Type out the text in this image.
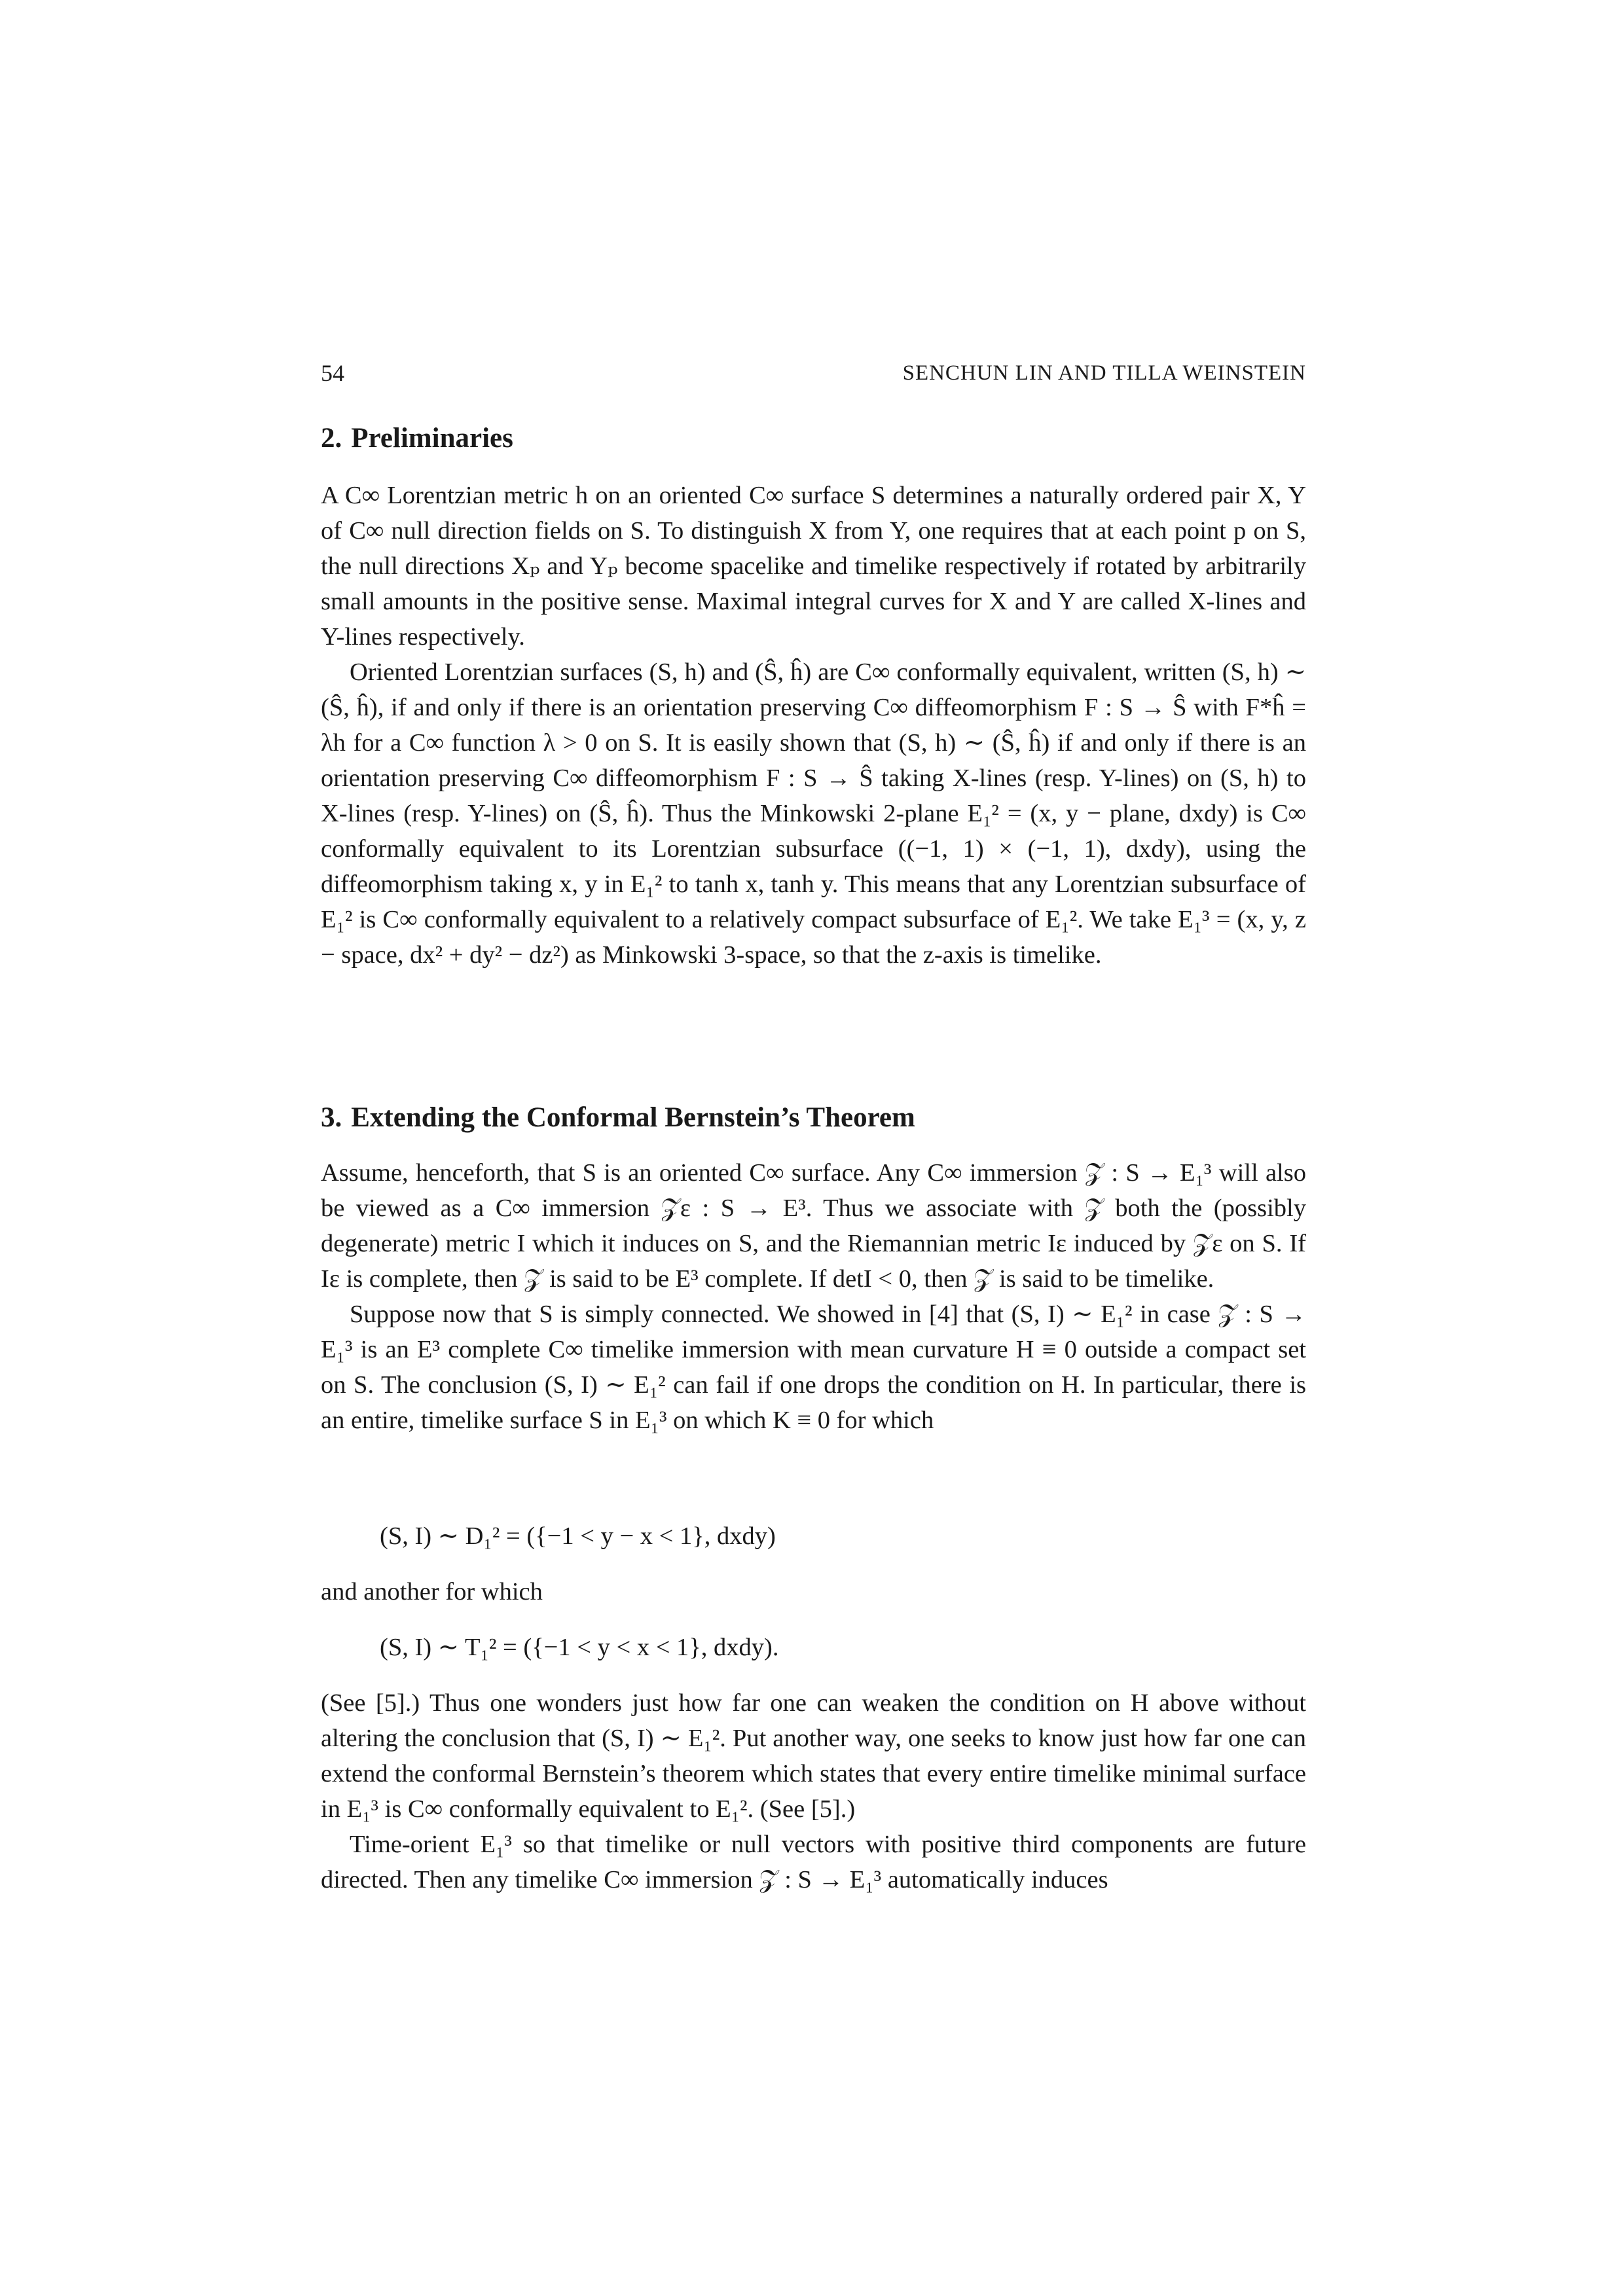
54	SENCHUN LIN AND TILLA WEINSTEIN
2. Preliminaries

A C∞ Lorentzian metric h on an oriented C∞ surface S determines a naturally ordered pair X, Y of C∞ null direction fields on S. To distinguish X from Y, one requires that at each point p on S, the null directions Xₚ and Yₚ become spacelike and timelike respectively if rotated by arbitrarily small amounts in the positive sense. Maximal integral curves for X and Y are called X-lines and Y-lines respectively.

Oriented Lorentzian surfaces (S, h) and (Ŝ, ĥ) are C∞ conformally equivalent, written (S, h) ∼ (Ŝ, ĥ), if and only if there is an orientation preserving C∞ diffeomorphism F : S → Ŝ with F*ĥ = λh for a C∞ function λ > 0 on S. It is easily shown that (S, h) ∼ (Ŝ, ĥ) if and only if there is an orientation preserving C∞ diffeomorphism F : S → Ŝ taking X-lines (resp. Y-lines) on (S, h) to X-lines (resp. Y-lines) on (Ŝ, ĥ). Thus the Minkowski 2-plane E₁² = (x, y − plane, dxdy) is C∞ conformally equivalent to its Lorentzian subsurface ((−1, 1) × (−1, 1), dxdy), using the diffeomorphism taking x, y in E₁² to tanh x, tanh y. This means that any Lorentzian subsurface of E₁² is C∞ conformally equivalent to a relatively compact subsurface of E₁². We take E₁³ = (x, y, z − space, dx² + dy² − dz²) as Minkowski 3-space, so that the z-axis is timelike.

3. Extending the Conformal Bernstein’s Theorem

Assume, henceforth, that S is an oriented C∞ surface. Any C∞ immersion 𝒵 : S → E₁³ will also be viewed as a C∞ immersion 𝒵ε : S → E³. Thus we associate with 𝒵 both the (possibly degenerate) metric I which it induces on S, and the Riemannian metric Iε induced by 𝒵ε on S. If Iε is complete, then 𝒵 is said to be E³ complete. If detI < 0, then 𝒵 is said to be timelike.

Suppose now that S is simply connected. We showed in [4] that (S, I) ∼ E₁² in case 𝒵 : S → E₁³ is an E³ complete C∞ timelike immersion with mean curvature H ≡ 0 outside a compact set on S. The conclusion (S, I) ∼ E₁² can fail if one drops the condition on H. In particular, there is an entire, timelike surface S in E₁³ on which K ≡ 0 for which

(S, I) ∼ D₁² = ({−1 < y − x < 1}, dxdy)
and another for which
(S, I) ∼ T₁² = ({−1 < y < x < 1}, dxdy).

(See [5].) Thus one wonders just how far one can weaken the condition on H above without altering the conclusion that (S, I) ∼ E₁². Put another way, one seeks to know just how far one can extend the conformal Bernstein’s theorem which states that every entire timelike minimal surface in E₁³ is C∞ conformally equivalent to E₁². (See [5].)

Time-orient E₁³ so that timelike or null vectors with positive third components are future directed. Then any timelike C∞ immersion 𝒵 : S → E₁³ automatically induces
